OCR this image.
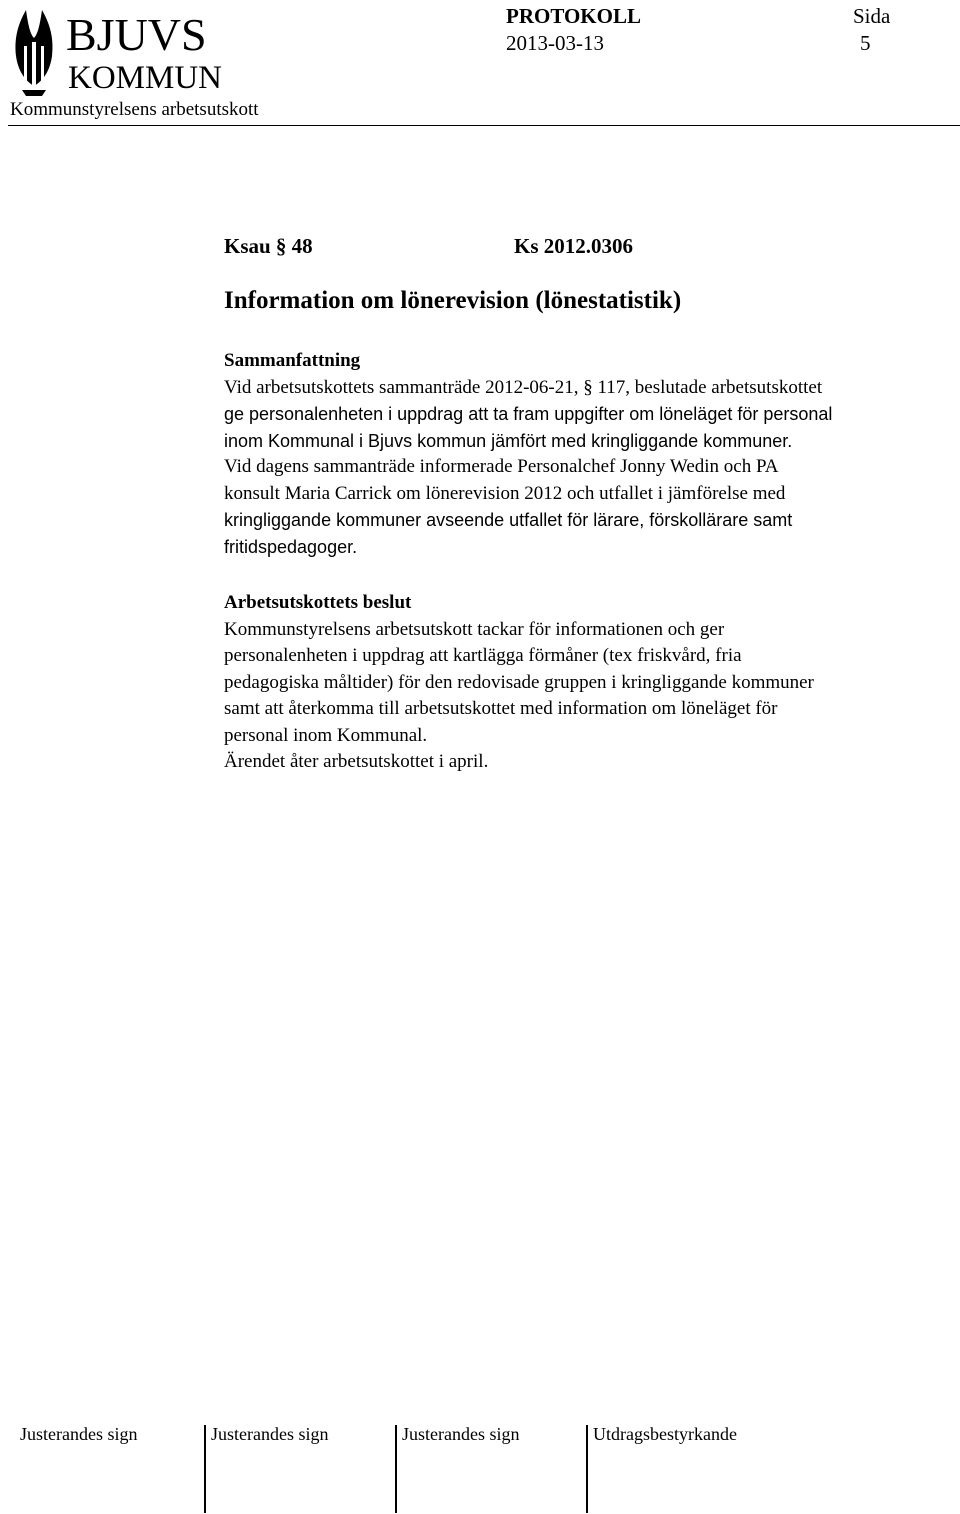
BJUVS
KOMMUN
Kommunstyrelsens arbetsutskott
PROTOKOLL
2013-03-13
Sida
5
Ksau § 48	Ks 2012.0306
Information om lönerevision (lönestatistik)
Sammanfattning
Vid arbetsutskottets sammanträde 2012-06-21, § 117, beslutade arbetsutskottet
ge personalenheten i uppdrag att ta fram uppgifter om löneläget för personal
inom Kommunal i Bjuvs kommun jämfört med kringliggande kommuner.
Vid dagens sammanträde informerade Personalchef Jonny Wedin och PA
konsult Maria Carrick om lönerevision 2012 och utfallet i jämförelse med
kringliggande kommuner avseende utfallet för lärare, förskollärare samt
fritidspedagoger.
Arbetsutskottets beslut
Kommunstyrelsens arbetsutskott tackar för informationen och ger
personalenheten i uppdrag att kartlägga förmåner (tex friskvård, fria
pedagogiska måltider) för den redovisade gruppen i kringliggande kommuner
samt att återkomma till arbetsutskottet med information om löneläget för
personal inom Kommunal.
Ärendet åter arbetsutskottet i april.
Justerandes sign	Justerandes sign	Justerandes sign	Utdragsbestyrkande
